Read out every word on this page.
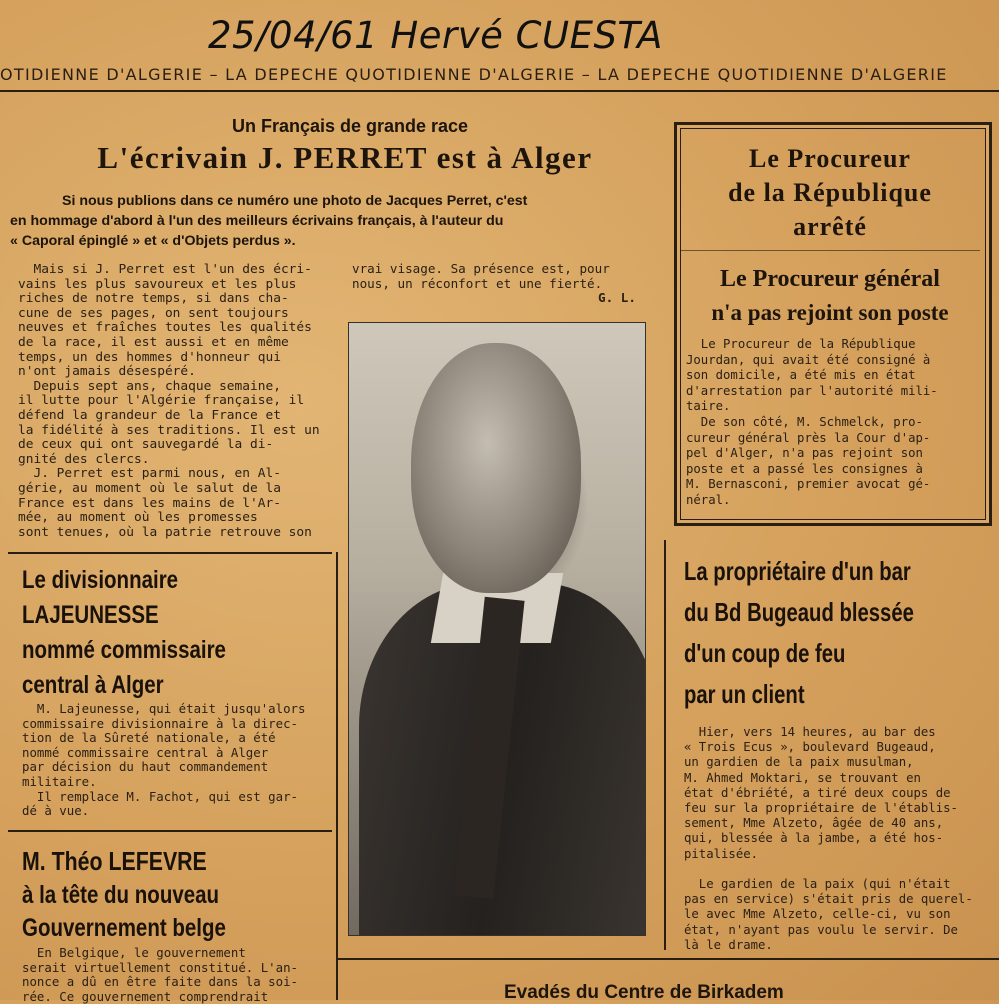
25/04/61 Hervé CUESTA
OTIDIENNE D'ALGERIE – LA DEPECHE QUOTIDIENNE D'ALGERIE – LA DEPECHE QUOTIDIENNE D'ALGERIE
Un Français de grande race
L'écrivain J. PERRET est à Alger
Si nous publions dans ce numéro une photo de Jacques Perret, c'est
en hommage d'abord à l'un des meilleurs écrivains français, à l'auteur du
« Caporal épinglé » et « d'Objets perdus ».
Mais si J. Perret est l'un des écri-
vains les plus savoureux et les plus
riches de notre temps, si dans cha-
cune de ses pages, on sent toujours
neuves et fraîches toutes les qualités
de la race, il est aussi et en même
temps, un des hommes d'honneur qui
n'ont jamais désespéré.
Depuis sept ans, chaque semaine,
il lutte pour l'Algérie française, il
défend la grandeur de la France et
la fidélité à ses traditions. Il est un
de ceux qui ont sauvegardé la di-
gnité des clercs.
J. Perret est parmi nous, en Al-
gérie, au moment où le salut de la
France est dans les mains de l'Ar-
mée, au moment où les promesses
sont tenues, où la patrie retrouve son
vrai visage. Sa présence est, pour
nous, un réconfort et une fierté.
G. L.
Le divisionnaire
LAJEUNESSE
nommé commissaire
central à Alger
M. Lajeunesse, qui était jusqu'alors
commissaire divisionnaire à la direc-
tion de la Sûreté nationale, a été
nommé commissaire central à Alger
par décision du haut commandement
militaire.
Il remplace M. Fachot, qui est gar-
dé à vue.
M. Théo LEFEVRE
à la tête du nouveau
Gouvernement belge
En Belgique, le gouvernement
serait virtuellement constitué. L'an-
nonce a dû en être faite dans la soi-
rée. Ce gouvernement comprendrait
Le Procureur
de la République
arrêté
Le Procureur général
n'a pas rejoint son poste
Le Procureur de la République
Jourdan, qui avait été consigné à
son domicile, a été mis en état
d'arrestation par l'autorité mili-
taire.
De son côté, M. Schmelck, pro-
cureur général près la Cour d'ap-
pel d'Alger, n'a pas rejoint son
poste et a passé les consignes à
M. Bernasconi, premier avocat gé-
néral.
La propriétaire d'un bar
du Bd Bugeaud blessée
d'un coup de feu
par un client
Hier, vers 14 heures, au bar des
« Trois Ecus », boulevard Bugeaud,
un gardien de la paix musulman,
M. Ahmed Moktari, se trouvant en
état d'ébriété, a tiré deux coups de
feu sur la propriétaire de l'établis-
sement, Mme Alzeto, âgée de 40 ans,
qui, blessée à la jambe, a été hos-
pitalisée.

Le gardien de la paix (qui n'était
pas en service) s'était pris de querel-
le avec Mme Alzeto, celle-ci, vu son
état, n'ayant pas voulu le servir. De
là le drame.
Evadés du Centre de Birkadem
